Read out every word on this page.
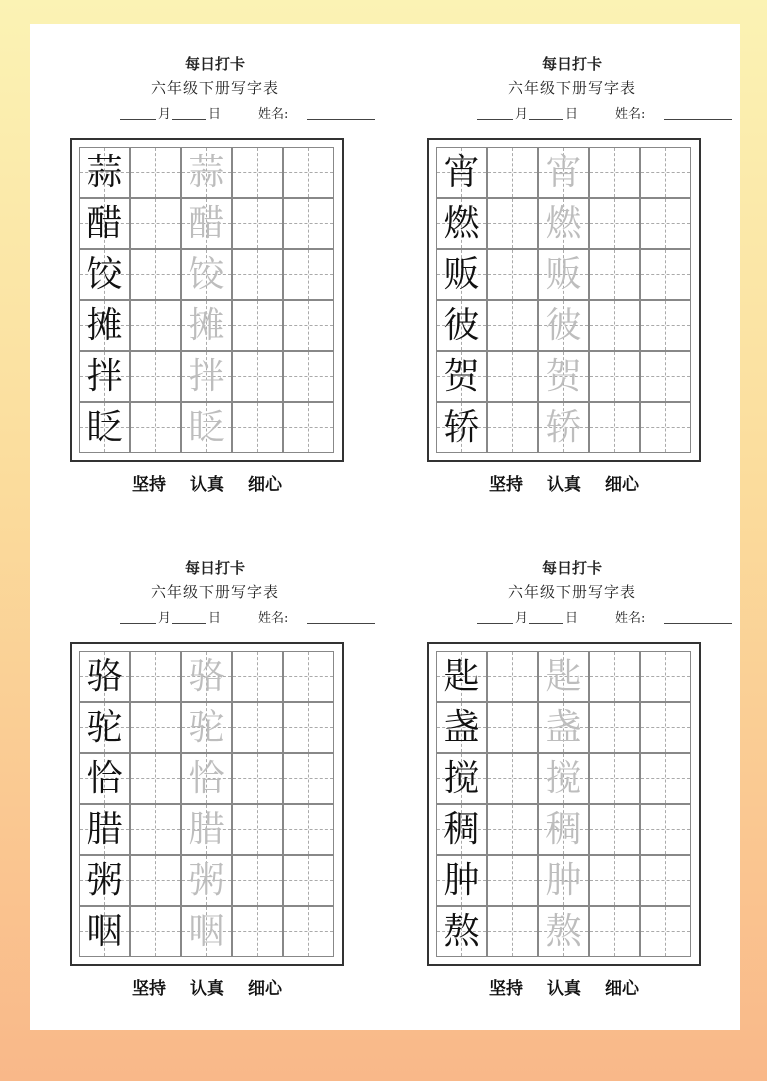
每日打卡
六年级下册写字表
月	日	姓名:
蒜 蒜
醋 醋
饺 饺
摊 摊
拌 拌
眨 眨
坚持 认真 细心
每日打卡
六年级下册写字表
月	日	姓名:
宵 宵
燃 燃
贩 贩
彼 彼
贺 贺
轿 轿
坚持 认真 细心
每日打卡
六年级下册写字表
月	日	姓名:
骆 骆
驼 驼
恰 恰
腊 腊
粥 粥
咽 咽
坚持 认真 细心
每日打卡
六年级下册写字表
月	日	姓名:
匙 匙
盏 盏
搅 搅
稠 稠
肿 肿
熬 熬
坚持 认真 细心
